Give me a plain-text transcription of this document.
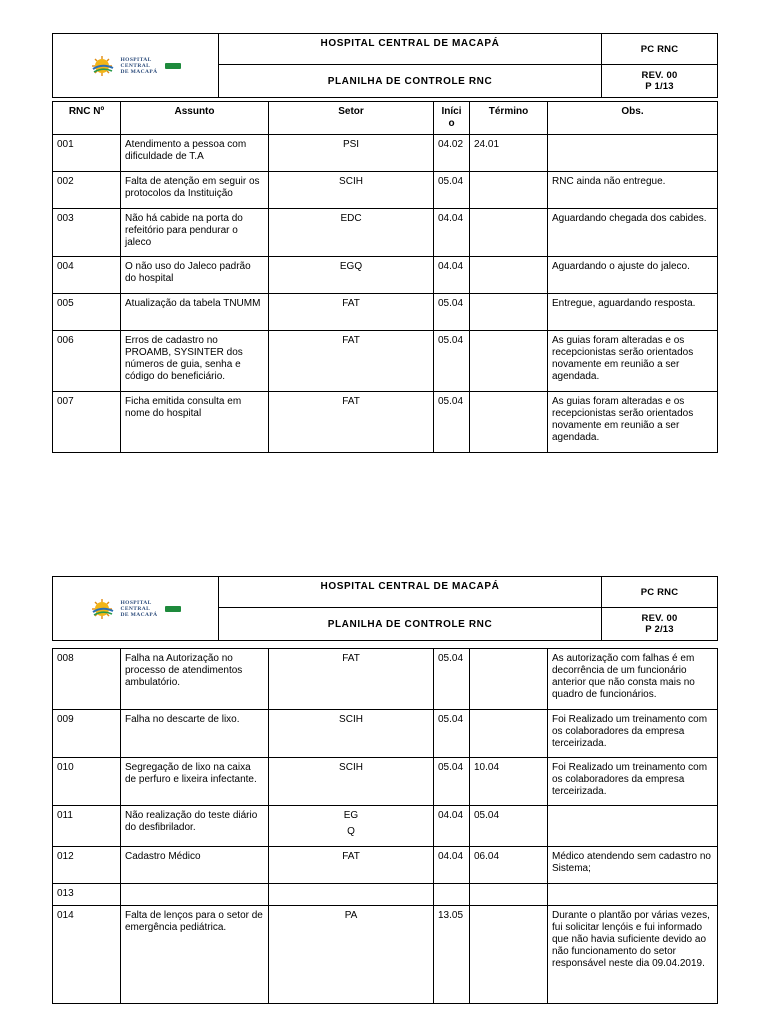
HOSPITAL
CENTRAL
DE MACAPÁ	HOSPITAL CENTRAL DE MACAPÁ	PC RNC
	PLANILHA DE CONTROLE RNC	REV. 00
P 1/13
RNC Nº	Assunto	Setor	Iníci
o	Término	Obs.
001	Atendimento a pessoa com dificuldade de T.A	PSI	04.02	24.01	
002	Falta de atenção em seguir os protocolos da Instituição	SCIH	05.04		RNC ainda não entregue.
003	Não há cabide na porta do refeitório para pendurar o jaleco	EDC	04.04		Aguardando chegada dos cabides.
004	O não uso do Jaleco padrão do hospital	EGQ	04.04		Aguardando o ajuste do jaleco.
005	Atualização da tabela TNUMM	FAT	05.04		Entregue, aguardando resposta.
006	Erros de cadastro no PROAMB, SYSINTER dos números de guia, senha e código do beneficiário.	FAT	05.04		As guias foram alteradas e os recepcionistas serão orientados novamente em reunião a ser agendada.
007	Ficha emitida consulta em nome do hospital	FAT	05.04		As guias foram alteradas e os recepcionistas serão orientados novamente em reunião a ser agendada.
HOSPITAL
CENTRAL
DE MACAPÁ	HOSPITAL CENTRAL DE MACAPÁ	PC RNC
	PLANILHA DE CONTROLE RNC	REV. 00
P 2/13
008	Falha na Autorização no processo de atendimentos ambulatório.	FAT	05.04		As autorização com falhas é em decorrência de um funcionário anterior que não consta mais no quadro de funcionários.
009	Falha no descarte de lixo.	SCIH	05.04		Foi Realizado um treinamento com os colaboradores da empresa terceirizada.
010	Segregação de lixo na caixa de perfuro e lixeira infectante.	SCIH	05.04	10.04	Foi Realizado um treinamento com os colaboradores da empresa terceirizada.
011	Não realização do teste diário do desfibrilador.	EG
Q	04.04	05.04	
012	Cadastro Médico	FAT	04.04	06.04	Médico atendendo sem cadastro no Sistema;
013					
014	Falta de lenços para o setor de emergência pediátrica.	PA	13.05		Durante o plantão por várias vezes, fui solicitar lençóis e fui informado que não havia suficiente devido ao não funcionamento do setor responsável neste dia 09.04.2019.
